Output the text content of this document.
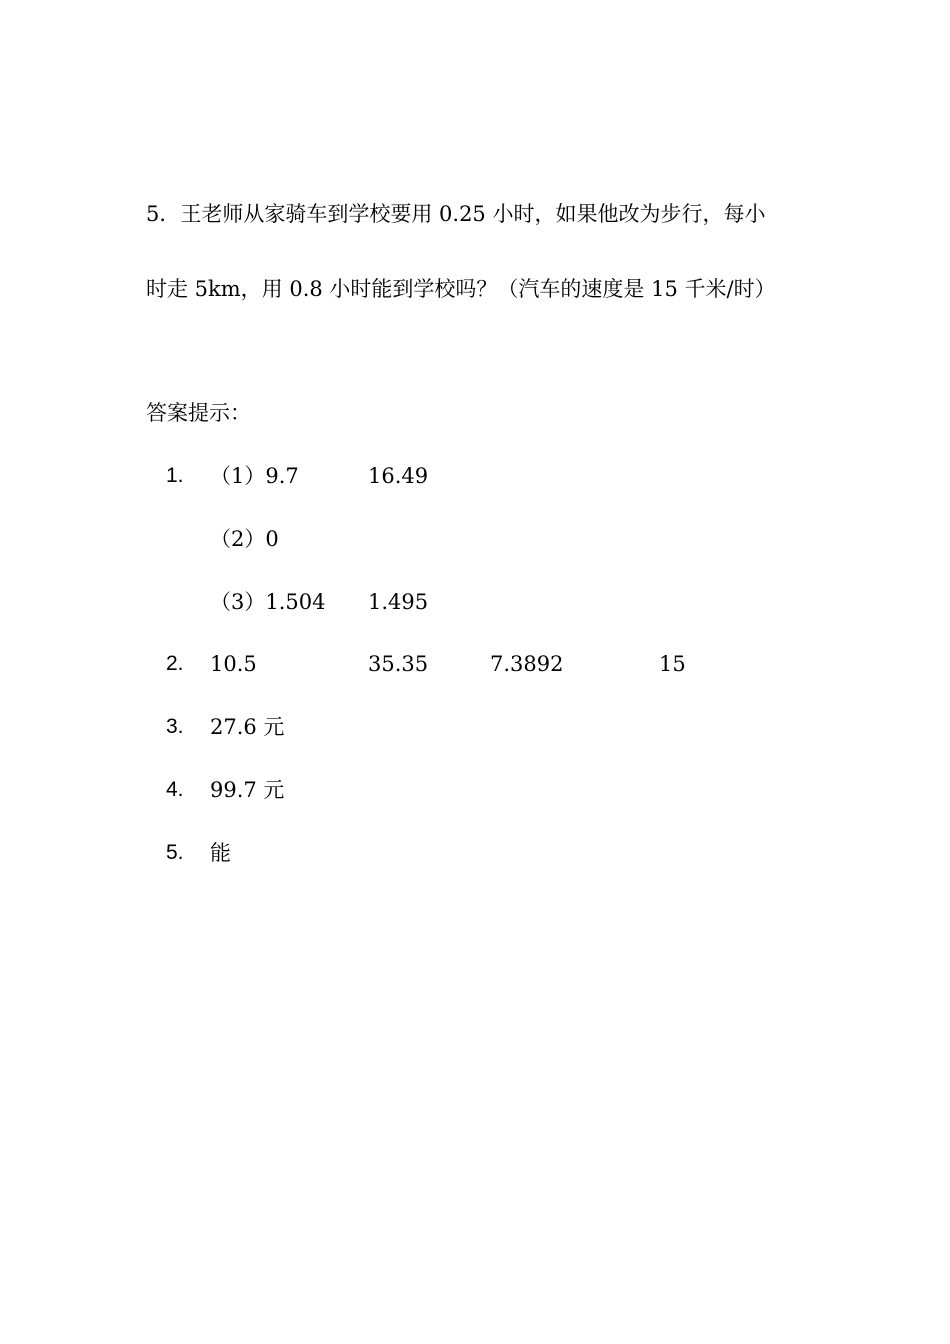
5．王老师从家骑车到学校要用 0.25 小时，如果他改为步行，每小
时走 5km，用 0.8 小时能到学校吗？（汽车的速度是 15 千米/时）
答案提示：
1. （1）9.7	16.49
（2）0
（3）1.504 1.495
2. 10.5	35.35	7.3892	15
3. 27.6 元
4. 99.7 元
5. 能
